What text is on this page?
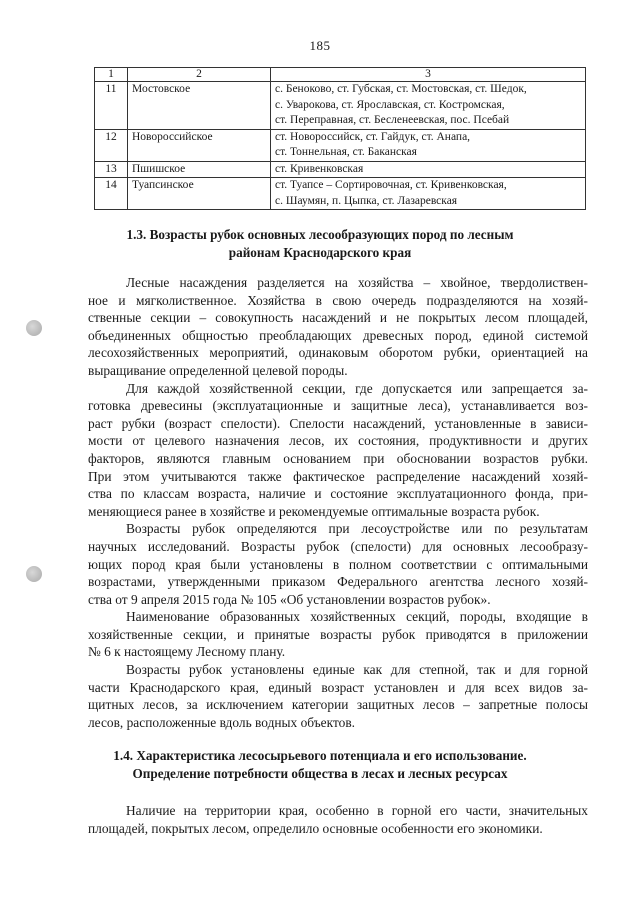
185
1	2	3
11	Мостовское	с. Беноково, ст. Губская, ст. Мостовская, ст. Шедок,
с. Уварокова, ст. Ярославская, ст. Костромская,
ст. Переправная, ст. Бесленеевская, пос. Псебай

12	Новороссийское	ст. Новороссийск, ст. Гайдук, ст. Анапа,
ст. Тоннельная, ст. Баканская

13	Пшишское	ст. Кривенковская

14	Туапсинское	ст. Туапсе – Сортировочная, ст. Кривенковская,
с. Шаумян, п. Цыпка, ст. Лазаревская
1.3. Возрасты рубок основных лесообразующих пород по лесным
районам Краснодарского края
Лесные насаждения разделяется на хозяйства – хвойное, твердолиствен-
ное и мягколиственное. Хозяйства в свою очередь подразделяются на хозяй-
ственные секции – совокупность насаждений и не покрытых лесом площадей,
объединенных общностью преобладающих древесных пород, единой системой
лесохозяйственных мероприятий, одинаковым оборотом рубки, ориентацией на
выращивание определенной целевой породы.
Для каждой хозяйственной секции, где допускается или запрещается за-
готовка древесины (эксплуатационные и защитные леса), устанавливается воз-
раст рубки (возраст спелости). Спелости насаждений, установленные в зависи-
мости от целевого назначения лесов, их состояния, продуктивности и других
факторов, являются главным основанием при обосновании возрастов рубки.
При этом учитываются также фактическое распределение насаждений хозяй-
ства по классам возраста, наличие и состояние эксплуатационного фонда, при-
меняющиеся ранее в хозяйстве и рекомендуемые оптимальные возраста рубок.
Возрасты рубок определяются при лесоустройстве или по результатам
научных исследований. Возрасты рубок (спелости) для основных лесообразу-
ющих пород края были установлены в полном соответствии с оптимальными
возрастами, утвержденными приказом Федерального агентства лесного хозяй-
ства от 9 апреля 2015 года № 105 «Об установлении возрастов рубок».
Наименование образованных хозяйственных секций, породы, входящие в
хозяйственные секции, и принятые возрасты рубок приводятся в приложении
№ 6 к настоящему Лесному плану.
Возрасты рубок установлены единые как для степной, так и для горной
части Краснодарского края, единый возраст установлен и для всех видов за-
щитных лесов, за исключением категории защитных лесов – запретные полосы
лесов, расположенные вдоль водных объектов.
1.4. Характеристика лесосырьевого потенциала и его использование.
Определение потребности общества в лесах и лесных ресурсах
Наличие на территории края, особенно в горной его части, значительных
площадей, покрытых лесом, определило основные особенности его экономики.
